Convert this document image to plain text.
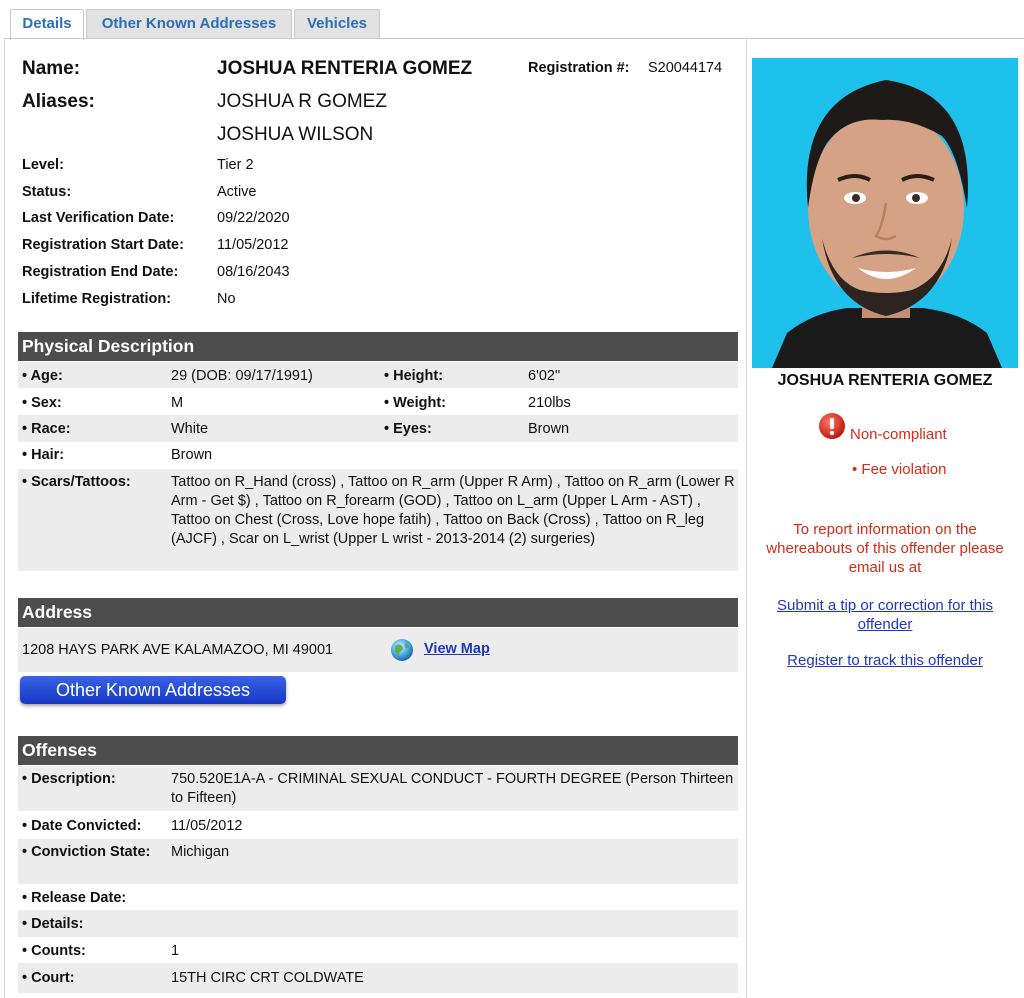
Details	Other Known Addresses	Vehicles
Name:	JOSHUA RENTERIA GOMEZ	Registration #: S20044174
Aliases:	JOSHUA R GOMEZ
JOSHUA WILSON
Level:	Tier 2
Status:	Active
Last Verification Date:	09/22/2020
Registration Start Date: 11/05/2012
Registration End Date:	08/16/2043
Lifetime Registration:	No
Physical Description
• Age:	29 (DOB: 09/17/1991)	• Height:	6'02"
• Sex:	M	• Weight:	210lbs
• Race:	White	• Eyes:	Brown
• Hair:	Brown
• Scars/Tattoos:	Tattoo on R_Hand (cross) , Tattoo on R_arm (Upper R Arm) , Tattoo on R_arm (Lower R Arm - Get $) , Tattoo on R_forearm (GOD) , Tattoo on L_arm (Upper L Arm - AST) , Tattoo on Chest (Cross, Love hope fatih) , Tattoo on Back (Cross) , Tattoo on R_leg (AJCF) , Scar on L_wrist (Upper L wrist - 2013-2014 (2) surgeries)
Address
1208 HAYS PARK AVE KALAMAZOO, MI 49001	View Map
Other Known Addresses
Offenses
• Description:	750.520E1A-A - CRIMINAL SEXUAL CONDUCT - FOURTH DEGREE (Person Thirteen to Fifteen)
• Date Convicted: 11/05/2012
• Conviction State:	Michigan
• Release Date:
• Details:
• Counts:	1
• Court:	15TH CIRC CRT COLDWATE
JOSHUA RENTERIA GOMEZ
Non-compliant
• Fee violation
To report information on the whereabouts of this offender please email us at
Submit a tip or correction for this offender
Register to track this offender
